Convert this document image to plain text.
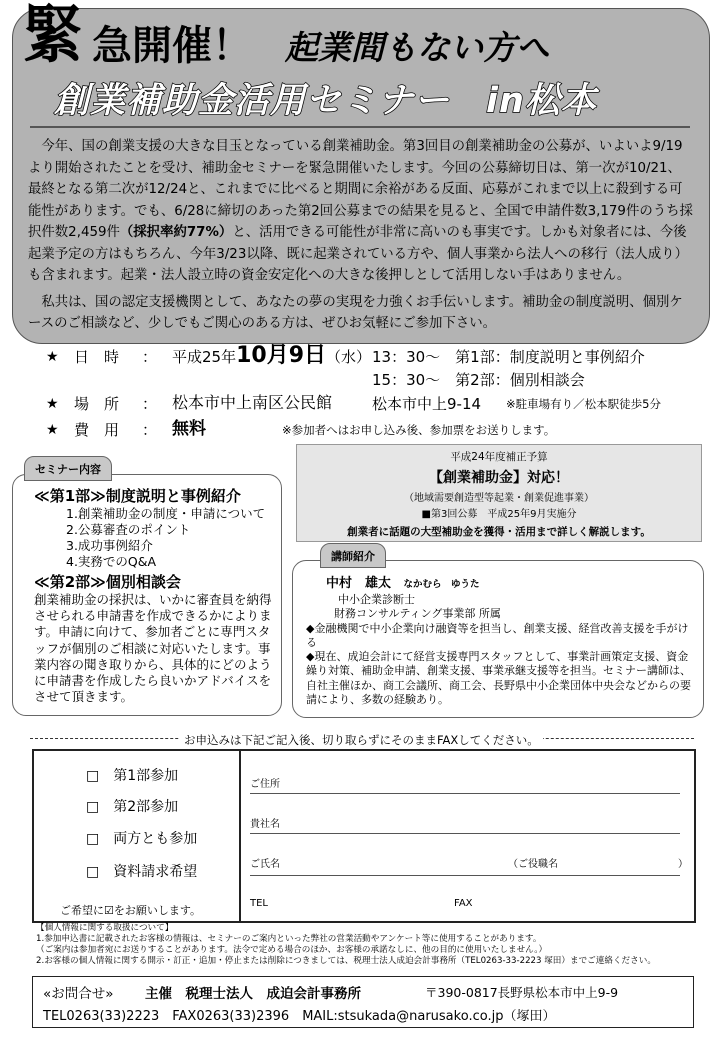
緊 急開催！ 起業間もない方へ
創業補助金活用セミナー　in松本

今年、国の創業支援の大きな目玉となっている創業補助金。第3回目の創業補助金の公募が、いよいよ9/19より開始されたことを受け、補助金セミナーを緊急開催いたします。今回の公募締切日は、第一次が10/21、最終となる第二次が12/24と、これまでに比べると期間に余裕がある反面、応募がこれまで以上に殺到する可能性があります。でも、6/28に締切のあった第2回公募までの結果を見ると、全国で申請件数3,179件のうち採択件数2,459件（採択率約77%）と、活用できる可能性が非常に高いのも事実です。しかも対象者には、今後起業予定の方はもちろん、今年3/23以降、既に起業されている方や、個人事業から法人への移行（法人成り）も含まれます。起業・法人設立時の資金安定化への大きな後押しとして活用しない手はありません。

私共は、国の認定支援機関として、あなたの夢の実現を力強くお手伝いします。補助金の制度説明、個別ケースのご相談など、少しでもご関心のある方は、ぜひお気軽にご参加下さい。

★ 日　時 ： 平成25年10月9日（水） 13：30〜　第1部：制度説明と事例紹介
15：30〜　第2部：個別相談会
★ 場　所 ： 松本市中上南区公民館	松本市中上9-14 ※駐車場有り／松本駅徒歩5分
★ 費　用 ： 無料	※参加者へはお申し込み後、参加票をお送りします。
セミナー内容
≪第1部≫制度説明と事例紹介
1.創業補助金の制度・申請について
2.公募審査のポイント
3.成功事例紹介
4.実務でのQ&A
≪第2部≫個別相談会
創業補助金の採択は、いかに審査員を納得させられる申請書を作成できるかによります。申請に向けて、参加者ごとに専門スタッフが個別のご相談に対応いたします。事業内容の聞き取りから、具体的にどのように申請書を作成したら良いかアドバイスをさせて頂きます。
平成24年度補正予算
【創業補助金】対応！
（地域需要創造型等起業・創業促進事業）
■第3回公募　平成25年9月実施分
創業者に話題の大型補助金を獲得・活用まで詳しく解説します。
講師紹介
中村　雄太 なかむら　ゆうた
中小企業診断士
財務コンサルティング事業部 所属
◆金融機関で中小企業向け融資等を担当し、創業支援、経営改善支援を手がける
◆現在、成迫会計にて経営支援専門スタッフとして、事業計画策定支援、資金繰り対策、補助金申請、創業支援、事業承継支援等を担当。セミナー講師は、自社主催ほか、商工会議所、商工会、長野県中小企業団体中央会などからの要請により、多数の経験あり。
お申込みは下記ご記入後、切り取らずにそのままFAXしてください。
□　第1部参加
□　第2部参加
□　両方とも参加
□　資料請求希望
ご希望に☑をお願いします。
ご住所
貴社名
ご氏名	（ご役職名	）
TEL	FAX
【個人情報に関する取扱について】
1.参加申込書に記載されたお客様の情報は、セミナーのご案内といった弊社の営業活動やアンケート等に使用することがあります。
（ご案内は参加者宛にお送りすることがあります。法令で定める場合のほか、お客様の承諾なしに、他の目的に使用いたしません。）
2.お客様の個人情報に関する開示・訂正・追加・停止または削除につきましては、税理士法人成迫会計事務所（TEL0263-33-2223 塚田）までご連絡ください。
«お問合せ» 主催　税理士法人　成迫会計事務所	〒390-0817長野県松本市中上9-9
TEL0263(33)2223　FAX0263(33)2396　MAIL:stsukada@narusako.co.jp（塚田）
